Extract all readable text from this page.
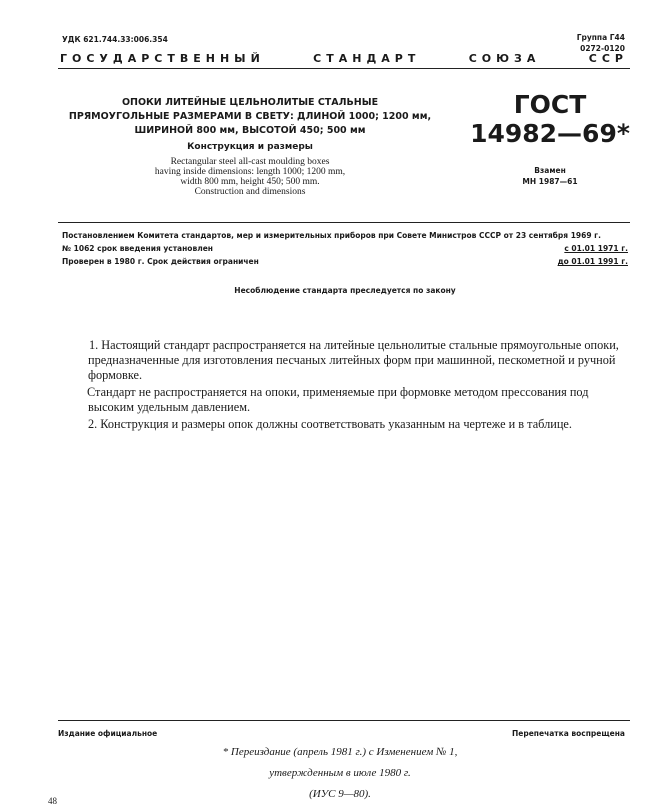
УДК 621.744.33:006.354	Группа Г44
0272-0120
ГОСУДАРСТВЕННЫЙ	СТАНДАРТ	СОЮЗА	ССР
ОПОКИ ЛИТЕЙНЫЕ ЦЕЛЬНОЛИТЫЕ СТАЛЬНЫЕ
ПРЯМОУГОЛЬНЫЕ РАЗМЕРАМИ В СВЕТУ: ДЛИНОЙ 1000; 1200 мм,
ШИРИНОЙ 800 мм, ВЫСОТОЙ 450; 500 мм
Конструкция и размеры
Rectangular steel all-cast moulding boxes
having inside dimensions: length 1000; 1200 mm,
width 800 mm, height 450; 500 mm.
Construction and dimensions
ГОСТ
14982—69*
Взамен
МН 1987—61
Постановлением Комитета стандартов, мер и измерительных приборов при Совете Министров СССР от 23 сентября 1969 г.
№ 1062 срок введения установлен	с 01.01 1971 г.
Проверен в 1980 г. Срок действия ограничен	до 01.01 1991 г.
Несоблюдение стандарта преследуется по закону

1. Настоящий стандарт распространяется на литейные цельнолитые стальные прямоугольные опоки, предназначенные для изготовления песчаных литейных форм при машинной, пескометной и ручной формовке.

Стандарт не распространяется на опоки, применяемые при формовке методом прессования под высоким удельным давлением.

2. Конструкция и размеры опок должны соответствовать указанным на чертеже и в таблице.

Издание официальное	Перепечатка воспрещена
* Переиздание (апрель 1981 г.) с Изменением № 1,
утвержденным в июле 1980 г.
(ИУС 9—80).
48
